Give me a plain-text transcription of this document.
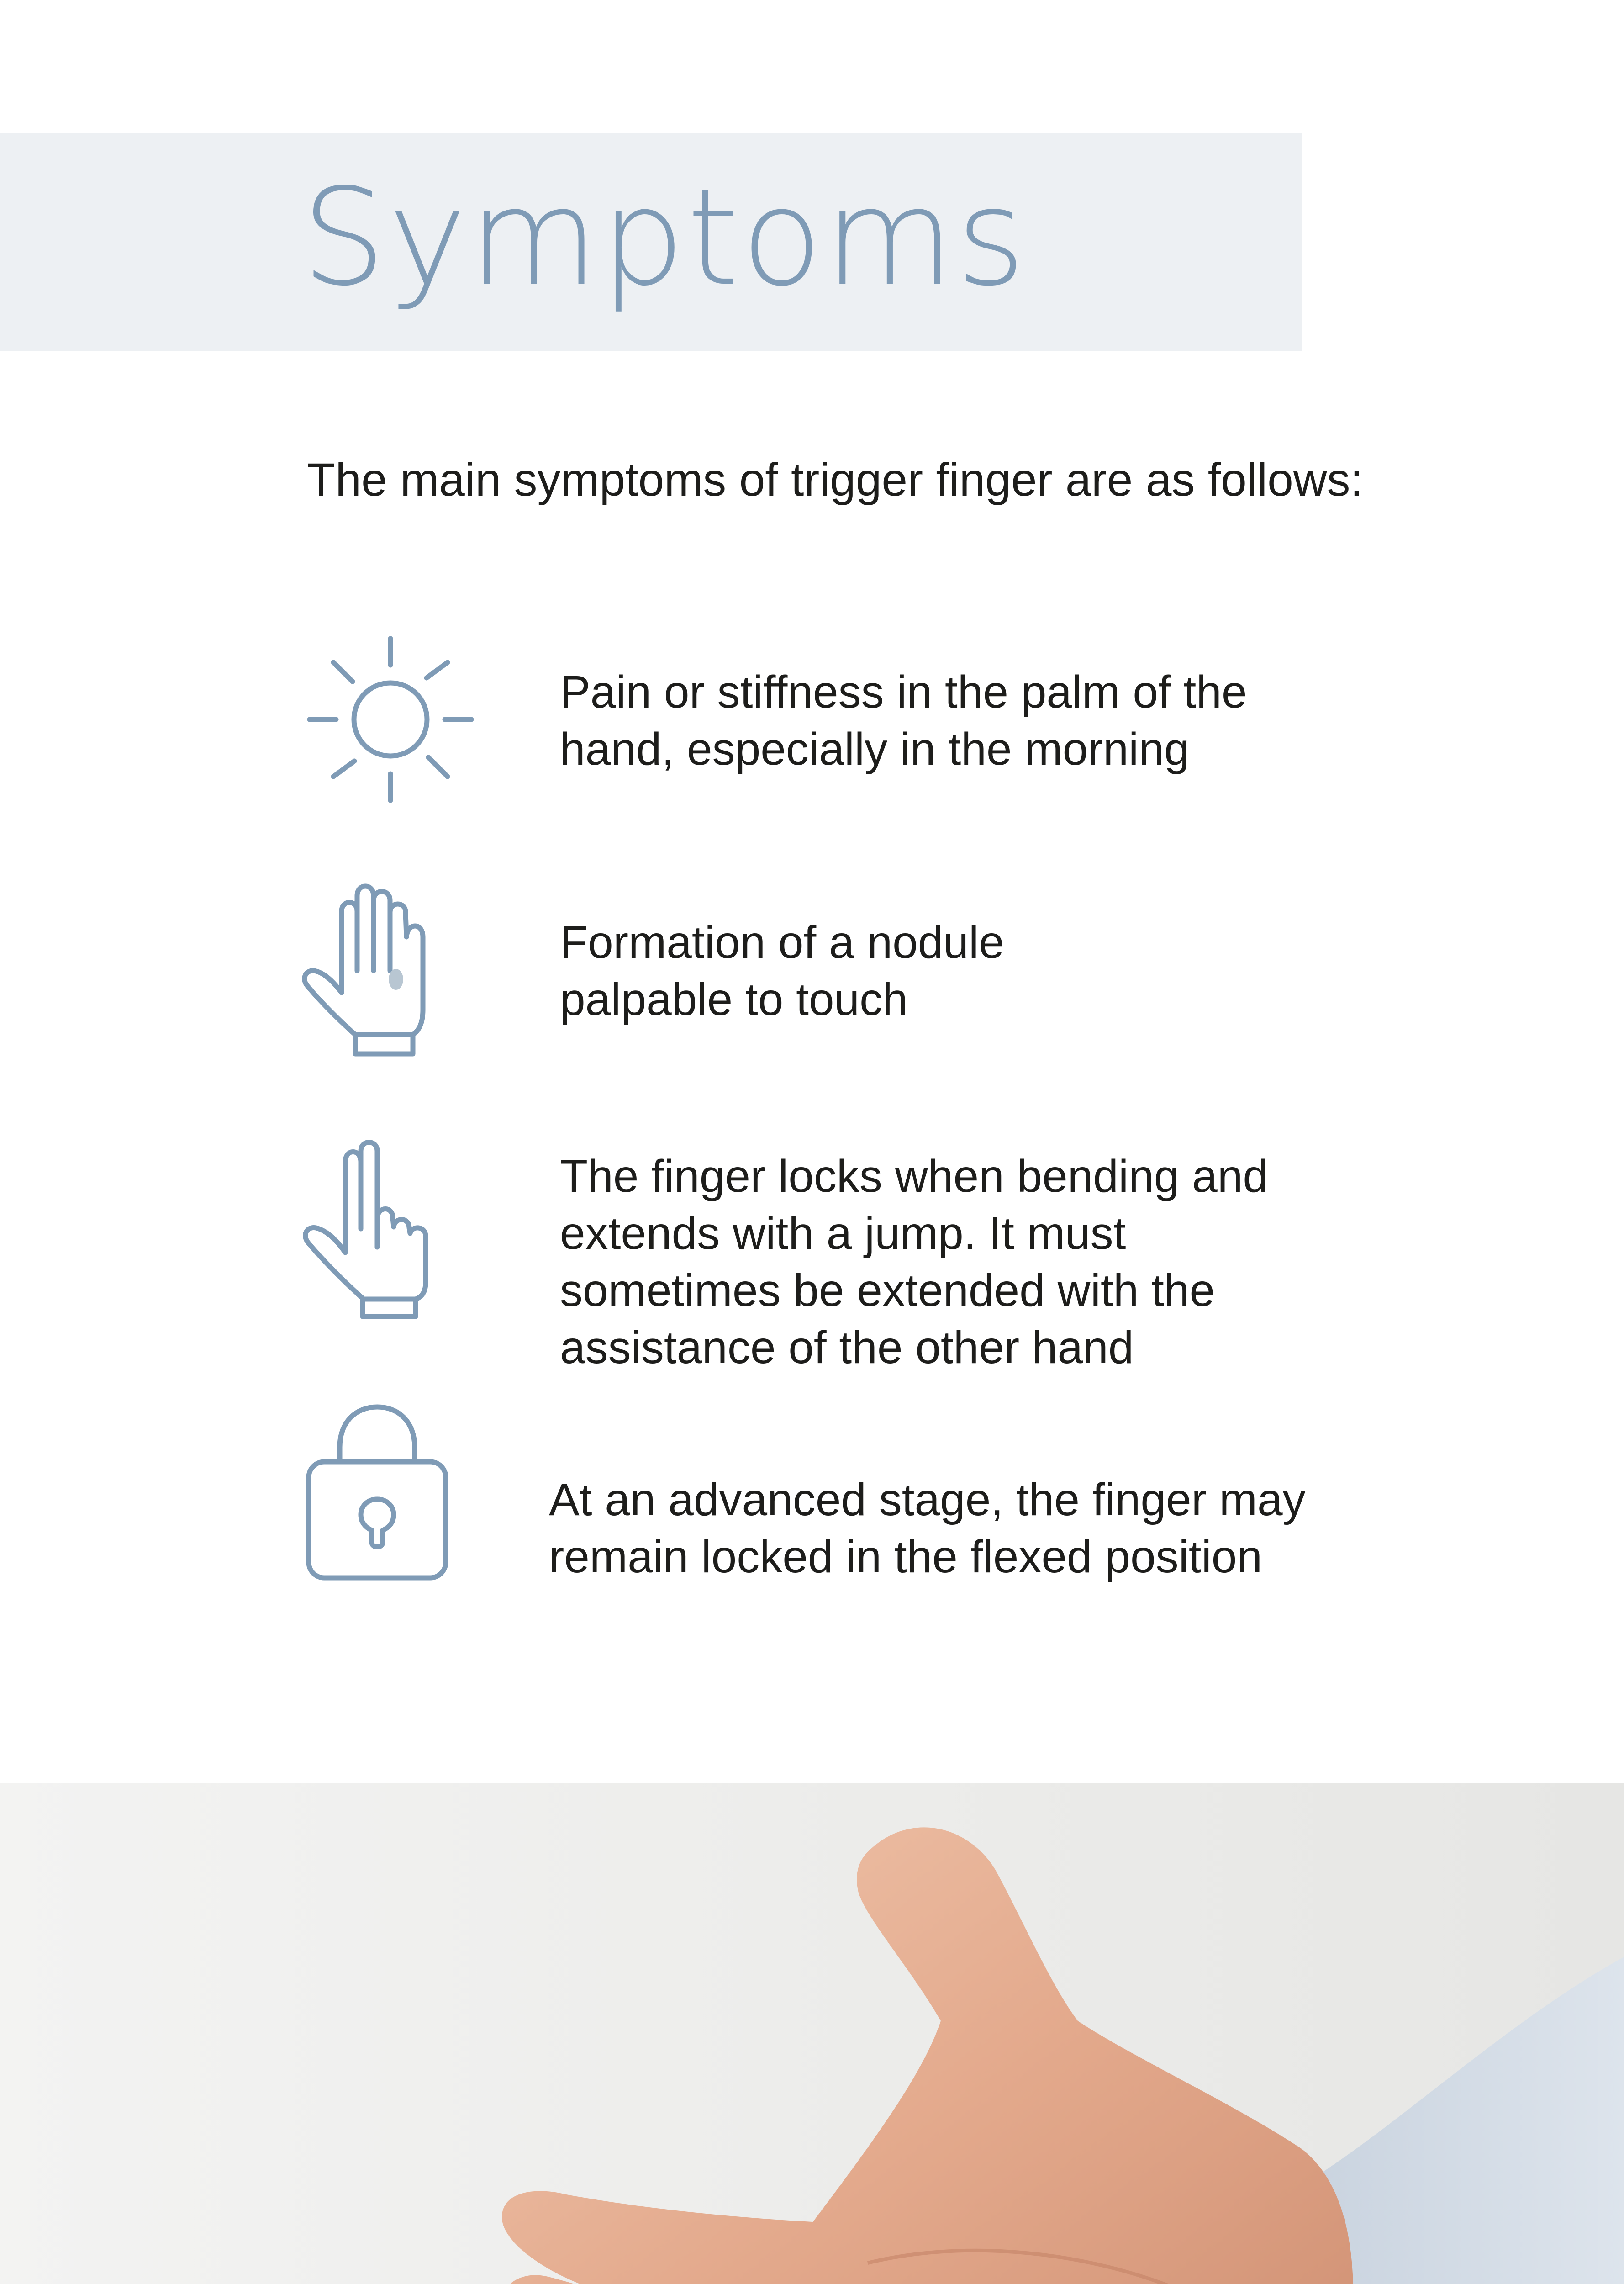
Symptoms

The main symptoms of trigger finger are as follows:

Pain or stiffness in the palm of the
hand, especially in the morning

Formation of a nodule
palpable to touch

The finger locks when bending and
extends with a jump. It must
sometimes be extended with the
assistance of the other hand

At an advanced stage, the finger may
remain locked in the flexed position
